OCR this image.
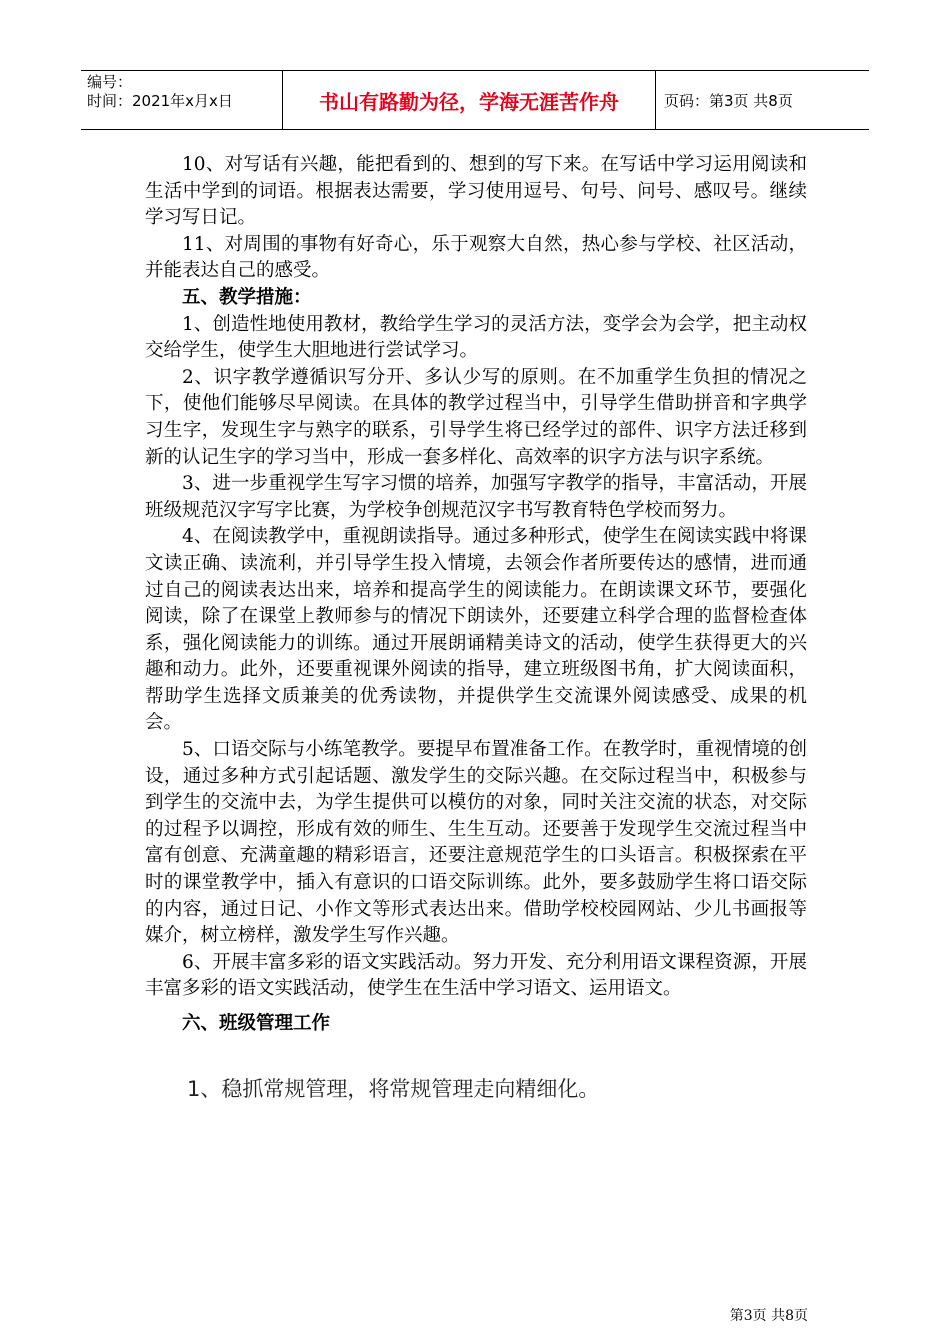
编号：
时间：2021年x月x日	书山有路勤为径，学海无涯苦作舟	页码：第3页 共8页

10、对写话有兴趣，能把看到的、想到的写下来。在写话中学习运用阅读和生活中学到的词语。根据表达需要，学习使用逗号、句号、问号、感叹号。继续学习写日记。

11、对周围的事物有好奇心，乐于观察大自然，热心参与学校、社区活动，并能表达自己的感受。

五、教学措施：

1、创造性地使用教材，教给学生学习的灵活方法，变学会为会学，把主动权交给学生，使学生大胆地进行尝试学习。

2、识字教学遵循识写分开、多认少写的原则。在不加重学生负担的情况之下，使他们能够尽早阅读。在具体的教学过程当中，引导学生借助拼音和字典学习生字，发现生字与熟字的联系，引导学生将已经学过的部件、识字方法迁移到新的认记生字的学习当中，形成一套多样化、高效率的识字方法与识字系统。

3、进一步重视学生写字习惯的培养，加强写字教学的指导，丰富活动，开展班级规范汉字写字比赛，为学校争创规范汉字书写教育特色学校而努力。

4、在阅读教学中，重视朗读指导。通过多种形式，使学生在阅读实践中将课文读正确、读流利，并引导学生投入情境，去领会作者所要传达的感情，进而通过自己的阅读表达出来，培养和提高学生的阅读能力。在朗读课文环节，要强化阅读，除了在课堂上教师参与的情况下朗读外，还要建立科学合理的监督检查体系，强化阅读能力的训练。通过开展朗诵精美诗文的活动，使学生获得更大的兴趣和动力。此外，还要重视课外阅读的指导，建立班级图书角，扩大阅读面积，帮助学生选择文质兼美的优秀读物，并提供学生交流课外阅读感受、成果的机会。

5、口语交际与小练笔教学。要提早布置准备工作。在教学时，重视情境的创设，通过多种方式引起话题、激发学生的交际兴趣。在交际过程当中，积极参与到学生的交流中去，为学生提供可以模仿的对象，同时关注交流的状态，对交际的过程予以调控，形成有效的师生、生生互动。还要善于发现学生交流过程当中富有创意、充满童趣的精彩语言，还要注意规范学生的口头语言。积极探索在平时的课堂教学中，插入有意识的口语交际训练。此外，要多鼓励学生将口语交际的内容，通过日记、小作文等形式表达出来。借助学校校园网站、少儿书画报等媒介，树立榜样，激发学生写作兴趣。

6、开展丰富多彩的语文实践活动。努力开发、充分利用语文课程资源，开展丰富多彩的语文实践活动，使学生在生活中学习语文、运用语文。

六、班级管理工作

1、稳抓常规管理，将常规管理走向精细化。

第3页 共8页
